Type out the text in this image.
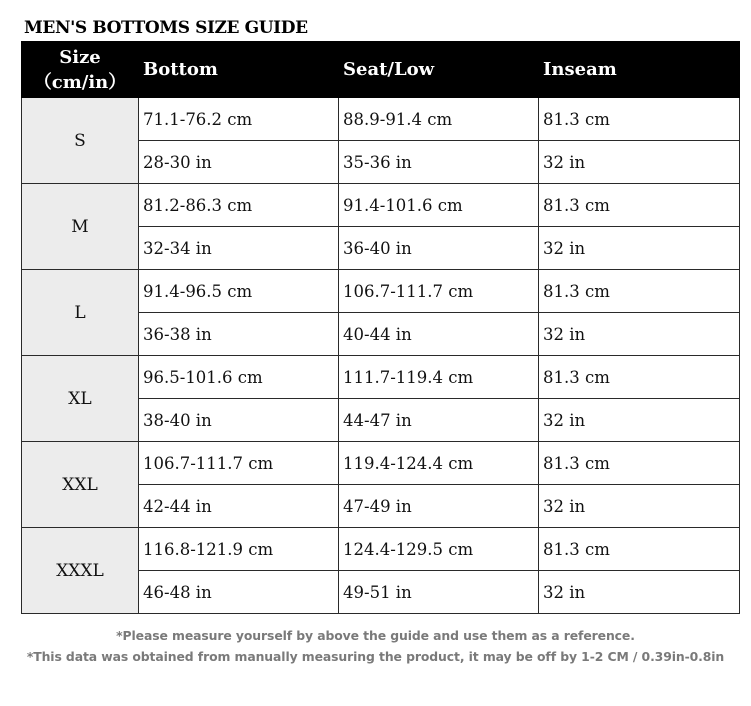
MEN'S BOTTOMS SIZE GUIDE
Size
（cm/in）	Bottom	Seat/Low	Inseam
S	71.1-76.2 cm	88.9-91.4 cm	81.3 cm
	28-30 in	35-36 in	32 in
M	81.2-86.3 cm	91.4-101.6 cm	81.3 cm
	32-34 in	36-40 in	32 in
L	91.4-96.5 cm	106.7-111.7 cm	81.3 cm
	36-38 in	40-44 in	32 in
XL	96.5-101.6 cm	111.7-119.4 cm	81.3 cm
	38-40 in	44-47 in	32 in
XXL	106.7-111.7 cm	119.4-124.4 cm	81.3 cm
	42-44 in	47-49 in	32 in
XXXL	116.8-121.9 cm	124.4-129.5 cm	81.3 cm
	46-48 in	49-51 in	32 in
*Please measure yourself by above the guide and use them as a reference.
*This data was obtained from manually measuring the product, it may be off by 1-2 CM / 0.39in-0.8in
